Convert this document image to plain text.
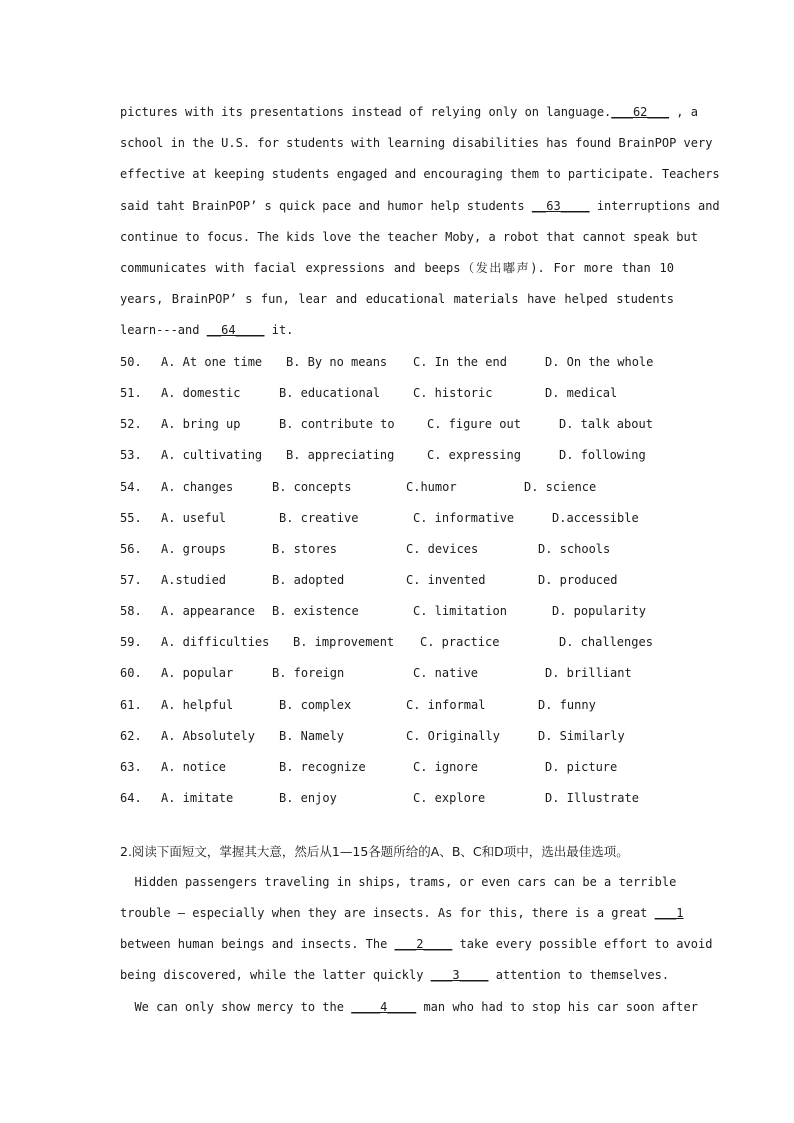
pictures with its presentations instead of relying only on language.___62___ , a
school in the U.S. for students with learning disabilities has found BrainPOP very
effective at keeping students engaged and encouraging them to participate. Teachers
said taht BrainPOP’ s quick pace and humor help students __63____ interruptions and
continue to focus. The kids love the teacher Moby, a robot that cannot speak but
communicates with facial expressions and beeps（发出嘟声). For more than 10
years, BrainPOP’ s fun, lear and educational materials have helped students
learn---and __64____ it.
50. A. At one time B. By no means C. In the end	D. On the whole
51. A. domestic	B. educational	C. historic	D. medical
52. A. bring up	B. contribute to	C. figure out	D. talk about
53. A. cultivating B. appreciating	C. expressing	D. following
54. A. changes	B. concepts	C.humor	D. science
55. A. useful	B. creative	C. informative	D.accessible
56. A. groups	B. stores	C. devices	D. schools
57. A.studied	B. adopted	C. invented	D. produced
58. A. appearance B. existence	C. limitation	D. popularity
59. A. difficulties B. improvement C. practice	D. challenges
60. A. popular	B. foreign	C. native	D. brilliant
61. A. helpful	B. complex	C. informal	D. funny
62. A. Absolutely B. Namely	C. Originally	D. Similarly
63. A. notice	B. recognize	C. ignore	D. picture
64. A. imitate	B. enjoy	C. explore	D. Illustrate
2.阅读下面短文，掌握其大意，然后从1—15各题所给的A、B、C和D项中，选出最佳选项。
Hidden passengers traveling in ships, trams, or even cars can be a terrible
trouble — especially when they are insects. As for this, there is a great ___1
between human beings and insects. The ___2____ take every possible effort to avoid
being discovered, while the latter quickly ___3____ attention to themselves.
We can only show mercy to the ____4____ man who had to stop his car soon after
